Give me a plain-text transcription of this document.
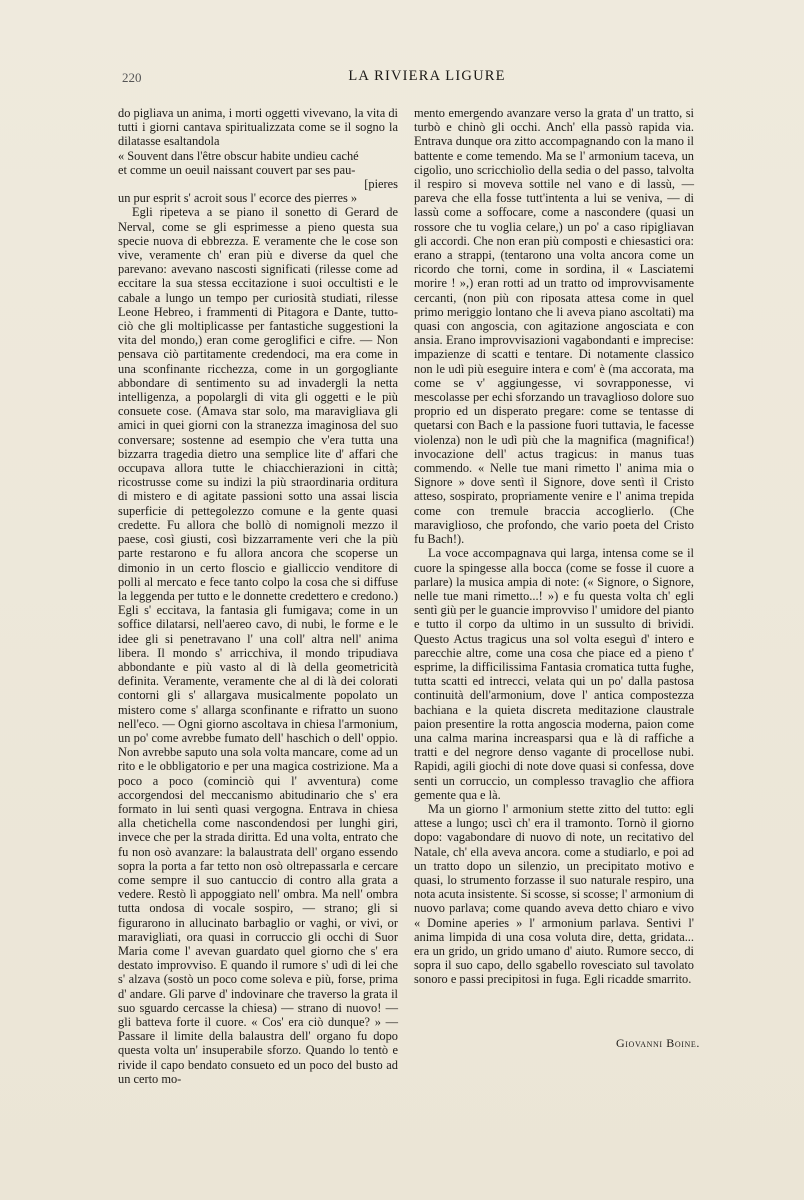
220	LA RIVIERA LIGURE

do pigliava un anima, i morti oggetti vivevano, la vita di tutti i giorni cantava spiritualizzata come se il sogno la dilatasse esaltandola

« Souvent dans l'être obscur habite undieu caché
et comme un oeuil naissant couvert par ses pau-
[pieres
un pur esprit s' acroit sous l' ecorce des pierres »

Egli ripeteva a se piano il sonetto di Gerard de Nerval, come se gli esprimesse a pieno questa sua specie nuova di ebbrezza. E veramente che le cose son vive, veramente ch' eran più e diverse da quel che parevano: avevano nascosti significati (rilesse come ad eccitare la sua stessa eccitazione i suoi occultisti e le cabale a lungo un tempo per curiosità studiati, rilesse Leone Hebreo, i frammenti di Pitagora e Dante, tutto-ciò che gli moltiplicasse per fantastiche suggestioni la vita del mondo,) eran come geroglifici e cifre. — Non pensava ciò partitamente credendoci, ma era come in una sconfinante ricchezza, come in un gorgogliante abbondare di sentimento su ad invadergli la netta intelligenza, a popolargli di vita gli oggetti e le più consuete cose. (Amava star solo, ma maravigliava gli amici in quei giorni con la stranezza imaginosa del suo conversare; sostenne ad esempio che v'era tutta una bizzarra tragedia dietro una semplice lite d' affari che occupava allora tutte le chiacchierazioni in città; ricostrusse come su indizi la più straordinaria orditura di mistero e di agitate passioni sotto una assai liscia superficie di pettegolezzo comune e la gente quasi credette. Fu allora che bollò di nomignoli mezzo il paese, così giusti, così bizzarramente veri che la più parte restarono e fu allora ancora che scoperse un dimonio in un certo floscio e gialliccio venditore di polli al mercato e fece tanto colpo la cosa che si diffuse la leggenda per tutto e le donnette credettero e credono.) Egli s' eccitava, la fantasia gli fumigava; come in un soffice dilatarsi, nell'aereo cavo, di nubi, le forme e le idee gli si penetravano l' una coll' altra nell' anima libera. Il mondo s' arricchiva, il mondo tripudiava abbondante e più vasto al di là della geometricità definita. Veramente, veramente che al di là dei colorati contorni gli s' allargava musicalmente popolato un mistero come s' allarga sconfinante e rifratto un suono nell'eco. — Ogni giorno ascoltava in chiesa l'armonium, un po' come avrebbe fumato dell' haschich o dell' oppio. Non avrebbe saputo una sola volta mancare, come ad un rito e le obbligatorio e per una magica costrizione. Ma a poco a poco (cominciò qui l' avventura) come accorgendosi del meccanismo abitudinario che s' era formato in lui sentì quasi vergogna. Entrava in chiesa alla chetichella come nascondendosi per lunghi giri, invece che per la strada diritta. Ed una volta, entrato che fu non osò avanzare: la balaustrata dell' organo essendo sopra la porta a far tetto non osò oltrepassarla e cercare come sempre il suo cantuccio di contro alla grata a vedere. Restò lì appoggiato nell' ombra. Ma nell' ombra tutta ondosa di vocale sospiro, — strano; gli si figurarono in allucinato barbaglio or vaghi, or vivi, or maravigliati, ora quasi in corruccio gli occhi di Suor Maria come l' avevan guardato quel giorno che s' era destato improvviso. E quando il rumore s' udì di lei che s' alzava (sostò un poco come soleva e più, forse, prima d' andare. Gli parve d' indovinare che traverso la grata il suo sguardo cercasse la chiesa) — strano di nuovo! — gli batteva forte il cuore. « Cos' era ciò dunque? » — Passare il limite della balaustra dell' organo fu dopo questa volta un' insuperabile sforzo. Quando lo tentò e rivide il capo bendato consueto ed un poco del busto ad un certo mo-

mento emergendo avanzare verso la grata d' un tratto, si turbò e chinò gli occhi. Anch' ella passò rapida via. Entrava dunque ora zitto accompagnando con la mano il battente e come temendo. Ma se l' armonium taceva, un cigolìo, uno scricchiolìo della sedia o del passo, talvolta il respiro si moveva sottile nel vano e di lassù, — pareva che ella fosse tutt'intenta a lui se veniva, — di lassù come a soffocare, come a nascondere (quasi un rossore che tu voglia celare,) un po' a caso ripigliavan gli accordi. Che non eran più composti e chiesastici ora: erano a strappi, (tentarono una volta ancora come un ricordo che torni, come in sordina, il « Lasciatemi morire ! »,) eran rotti ad un tratto od improvvisamente cercanti, (non più con riposata attesa come in quel primo meriggio lontano che li aveva piano ascoltati) ma quasi con angoscia, con agitazione angosciata e con ansia. Erano improvvisazioni vagabondanti e imprecise: impazienze di scatti e tentare. Di notamente classico non le udì più eseguire intera e com' è (ma accorata, ma come se v' aggiungesse, vi sovrapponesse, vi mescolasse per echi sforzando un travaglioso dolore suo proprio ed un disperato pregare: come se tentasse di quetarsi con Bach e la passione fuori tuttavia, le facesse violenza) non le udì più che la magnifica (magnifica!) invocazione dell' actus tragicus: in manus tuas commendo. « Nelle tue mani rimetto l' anima mia o Signore » dove sentì il Signore, dove sentì il Cristo atteso, sospirato, propriamente venire e l' anima trepida come con tremule braccia accoglierlo. (Che maraviglioso, che profondo, che vario poeta del Cristo fu Bach!).

La voce accompagnava qui larga, intensa come se il cuore la spingesse alla bocca (come se fosse il cuore a parlare) la musica ampia di note: (« Signore, o Signore, nelle tue mani rimetto...! ») e fu questa volta ch' egli sentì giù per le guancie improvviso l' umidore del pianto e tutto il corpo da ultimo in un sussulto di brividi. Questo Actus tragicus una sol volta eseguì d' intero e parecchie altre, come una cosa che piace ed a pieno t' esprime, la difficilissima Fantasia cromatica tutta fughe, tutta scatti ed intrecci, velata qui un po' dalla pastosa continuità dell'armonium, dove l' antica compostezza bachiana e la quieta discreta meditazione claustrale paion presentire la rotta angoscia moderna, paion come una calma marina increasparsi qua e là di raffiche a tratti e del negrore denso vagante di procellose nubi. Rapidi, agili giochi di note dove quasi si confessa, dove senti un corruccio, un complesso travaglio che affiora gemente qua e là.

Ma un giorno l' armonium stette zitto del tutto: egli attese a lungo; uscì ch' era il tramonto. Tornò il giorno dopo: vagabondare di nuovo di note, un recitativo del Natale, ch' ella aveva ancora. come a studiarlo, e poi ad un tratto dopo un silenzio, un precipitato motivo e quasi, lo strumento forzasse il suo naturale respiro, una nota acuta insistente. Si scosse, si scosse; l' armonium di nuovo parlava; come quando aveva detto chiaro e vivo « Domine aperies » l' armonium parlava. Sentivi l' anima limpida di una cosa voluta dire, detta, gridata... era un grido, un grido umano d' aiuto. Rumore secco, di sopra il suo capo, dello sgabello rovesciato sul tavolato sonoro e passi precipitosi in fuga. Egli ricadde smarrito.

Giovanni Boine.
